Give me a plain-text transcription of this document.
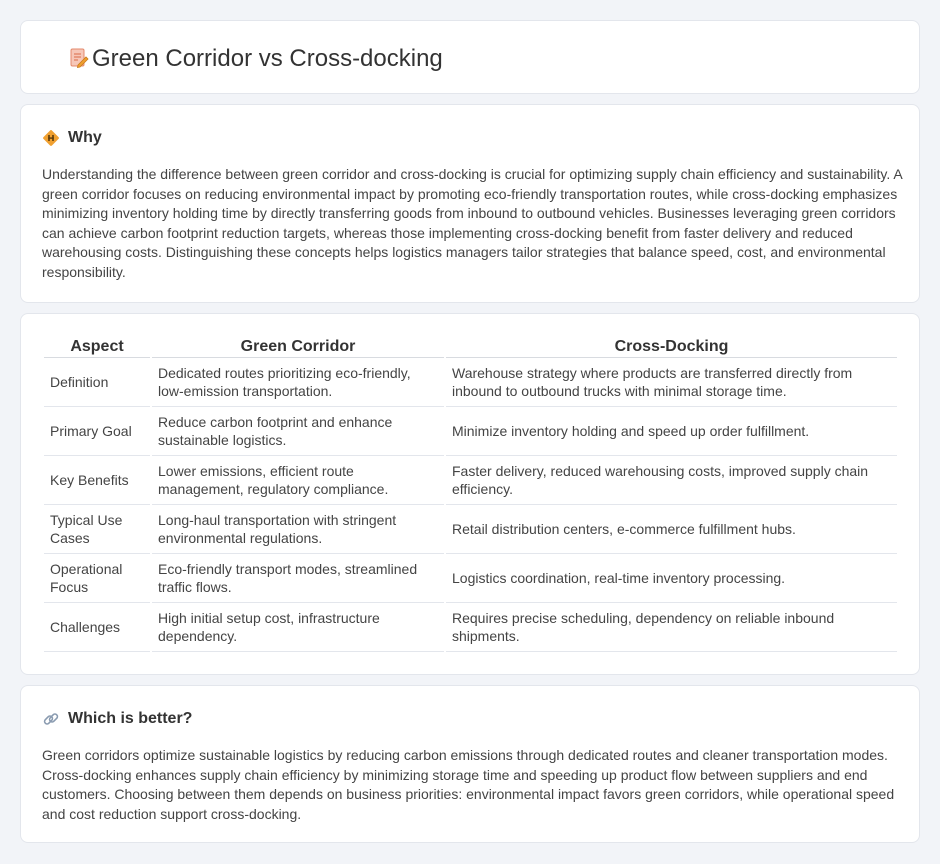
Green Corridor vs Cross-docking
Why

Understanding the difference between green corridor and cross-docking is crucial for optimizing supply chain efficiency and sustainability. A green corridor focuses on reducing environmental impact by promoting eco-friendly transportation routes, while cross-docking emphasizes minimizing inventory holding time by directly transferring goods from inbound to outbound vehicles. Businesses leveraging green corridors can achieve carbon footprint reduction targets, whereas those implementing cross-docking benefit from faster delivery and reduced warehousing costs. Distinguishing these concepts helps logistics managers tailor strategies that balance speed, cost, and environmental responsibility.

Aspect	Green Corridor	Cross-Docking
Definition	Dedicated routes prioritizing eco-friendly, low-emission transportation.	Warehouse strategy where products are transferred directly from inbound to outbound trucks with minimal storage time.
Primary Goal	Reduce carbon footprint and enhance sustainable logistics.	Minimize inventory holding and speed up order fulfillment.
Key Benefits	Lower emissions, efficient route management, regulatory compliance.	Faster delivery, reduced warehousing costs, improved supply chain efficiency.
Typical Use Cases	Long-haul transportation with stringent environmental regulations.	Retail distribution centers, e-commerce fulfillment hubs.
Operational Focus	Eco-friendly transport modes, streamlined traffic flows.	Logistics coordination, real-time inventory processing.
Challenges	High initial setup cost, infrastructure dependency.	Requires precise scheduling, dependency on reliable inbound shipments.
Which is better?

Green corridors optimize sustainable logistics by reducing carbon emissions through dedicated routes and cleaner transportation modes. Cross-docking enhances supply chain efficiency by minimizing storage time and speeding up product flow between suppliers and end customers. Choosing between them depends on business priorities: environmental impact favors green corridors, while operational speed and cost reduction support cross-docking.
